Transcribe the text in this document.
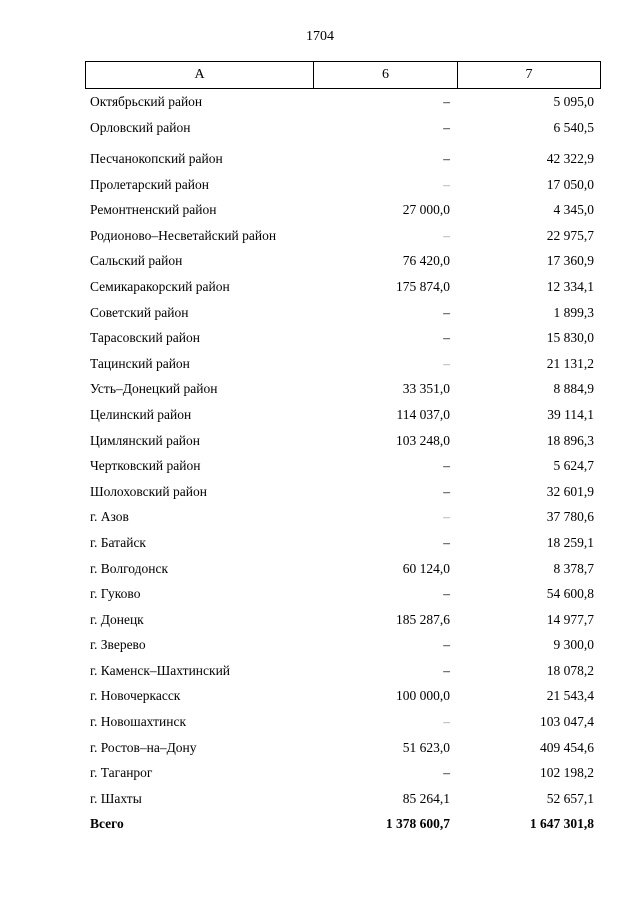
1704
А	6	7
Октябрьский район	–	5 095,0
Орловский район	–	6 540,5
Песчанокопский район	–	42 322,9
Пролетарский район	–	17 050,0
Ремонтненский район	27 000,0	4 345,0
Родионово–Несветайский район	–	22 975,7
Сальский район	76 420,0	17 360,9
Семикаракорский район	175 874,0	12 334,1
Советский район	–	1 899,3
Тарасовский район	–	15 830,0
Тацинский район	–	21 131,2
Усть–Донецкий район	33 351,0	8 884,9
Целинский район	114 037,0	39 114,1
Цимлянский район	103 248,0	18 896,3
Чертковский район	–	5 624,7
Шолоховский район	–	32 601,9
г. Азов	–	37 780,6
г. Батайск	–	18 259,1
г. Волгодонск	60 124,0	8 378,7
г. Гуково	–	54 600,8
г. Донецк	185 287,6	14 977,7
г. Зверево	–	9 300,0
г. Каменск–Шахтинский	–	18 078,2
г. Новочеркасск	100 000,0	21 543,4
г. Новошахтинск	–	103 047,4
г. Ростов–на–Дону	51 623,0	409 454,6
г. Таганрог	–	102 198,2
г. Шахты	85 264,1	52 657,1
Всего	1 378 600,7	1 647 301,8
